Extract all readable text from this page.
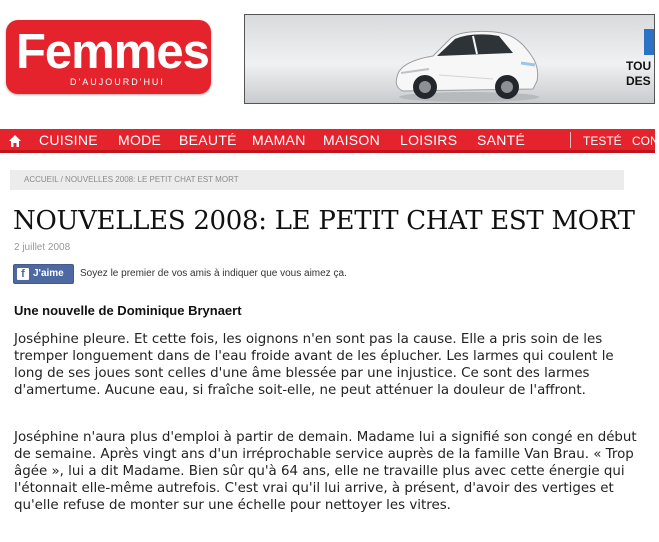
Femmes
D'AUJOURD'HUI
TOU
DES
CUISINE MODE BEAUTÉ MAMAN MAISON LOISIRS SANTÉ	TESTÉ CON
ACCUEIL / NOUVELLES 2008: LE PETIT CHAT EST MORT
NOUVELLES 2008: LE PETIT CHAT EST MORT
2 juillet 2008
f J'aime Soyez le premier de vos amis à indiquer que vous aimez ça.
Une nouvelle de Dominique Brynaert

Joséphine pleure. Et cette fois, les oignons n'en sont pas la cause. Elle a pris soin de les tremper longuement dans de l'eau froide avant de les éplucher. Les larmes qui coulent le long de ses joues sont celles d'une âme blessée par une injustice. Ce sont des larmes d'amertume. Aucune eau, si fraîche soit-elle, ne peut atténuer la douleur de l'affront.

Joséphine n'aura plus d'emploi à partir de demain. Madame lui a signifié son congé en début de semaine. Après vingt ans d'un irréprochable service auprès de la famille Van Brau. « Trop âgée », lui a dit Madame. Bien sûr qu'à 64 ans, elle ne travaille plus avec cette énergie qui l'étonnait elle-même autrefois. C'est vrai qu'il lui arrive, à présent, d'avoir des vertiges et qu'elle refuse de monter sur une échelle pour nettoyer les vitres.
